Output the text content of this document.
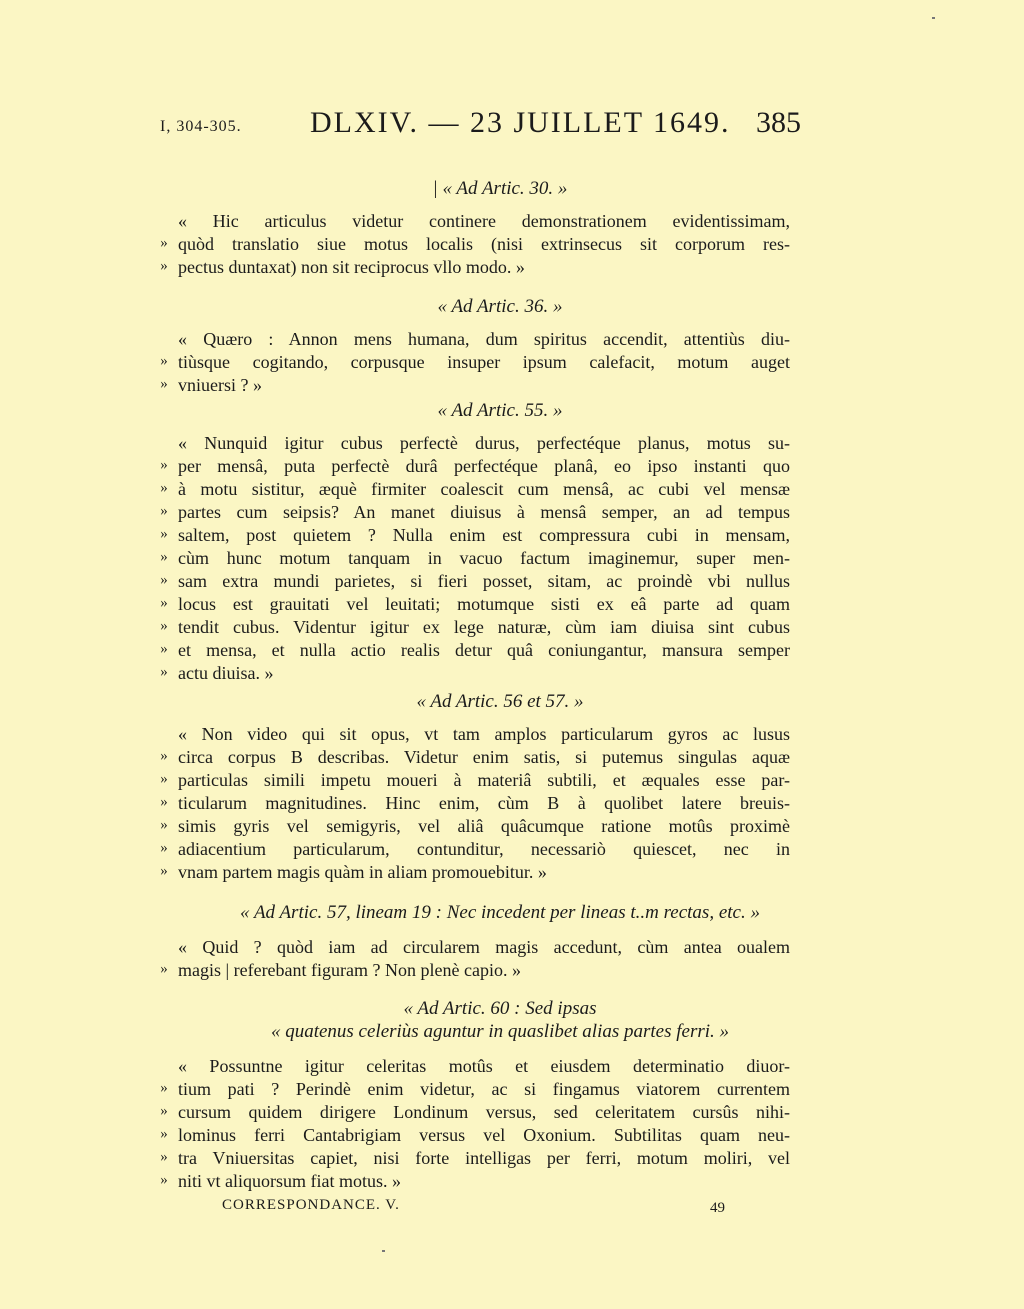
I, 304-305. DLXIV. — 23 JUILLET 1649. 385
| « Ad Artic. 30. »
« Hic articulus videtur continere demonstrationem evidentissimam,
» quòd translatio siue motus localis (nisi extrinsecus sit corporum res-
» pectus duntaxat) non sit reciprocus vllo modo. »
« Ad Artic. 36. »
« Quæro : Annon mens humana, dum spiritus accendit, attentiùs diu-
» tiùsque cogitando, corpusque insuper ipsum calefacit, motum auget
» vniuersi ? »
« Ad Artic. 55. »
« Nunquid igitur cubus perfectè durus, perfectéque planus, motus su-
» per mensâ, puta perfectè durâ perfectéque planâ, eo ipso instanti quo
» à motu sistitur, æquè firmiter coalescit cum mensâ, ac cubi vel mensæ
» partes cum seipsis? An manet diuisus à mensâ semper, an ad tempus
» saltem, post quietem ? Nulla enim est compressura cubi in mensam,
» cùm hunc motum tanquam in vacuo factum imaginemur, super men-
» sam extra mundi parietes, si fieri posset, sitam, ac proindè vbi nullus
» locus est grauitati vel leuitati; motumque sisti ex eâ parte ad quam
» tendit cubus. Videntur igitur ex lege naturæ, cùm iam diuisa sint cubus
» et mensa, et nulla actio realis detur quâ coniungantur, mansura semper
» actu diuisa. »
« Ad Artic. 56 et 57. »
« Non video qui sit opus, vt tam amplos particularum gyros ac lusus
» circa corpus B describas. Videtur enim satis, si putemus singulas aquæ
» particulas simili impetu moueri à materiâ subtili, et æquales esse par-
» ticularum magnitudines. Hinc enim, cùm B à quolibet latere breuis-
» simis gyris vel semigyris, vel aliâ quâcumque ratione motûs proximè
» adiacentium particularum, contunditur, necessariò quiescet, nec in
» vnam partem magis quàm in aliam promouebitur. »
« Ad Artic. 57, lineam 19 : Nec incedent per lineas t..m rectas, etc. »
« Quid ? quòd iam ad circularem magis accedunt, cùm antea oualem
» magis | referebant figuram ? Non plenè capio. »
« Ad Artic. 60 : Sed ipsas
« quatenus celeriùs aguntur in quaslibet alias partes ferri. »
« Possuntne igitur celeritas motûs et eiusdem determinatio diuor-
» tium pati ? Perindè enim videtur, ac si fingamus viatorem currentem
» cursum quidem dirigere Londinum versus, sed celeritatem cursûs nihi-
» lominus ferri Cantabrigiam versus vel Oxonium. Subtilitas quam neu-
» tra Vniuersitas capiet, nisi forte intelligas per ferri, motum moliri, vel
» niti vt aliquorsum fiat motus. »
CORRESPONDANCE. V.	49
